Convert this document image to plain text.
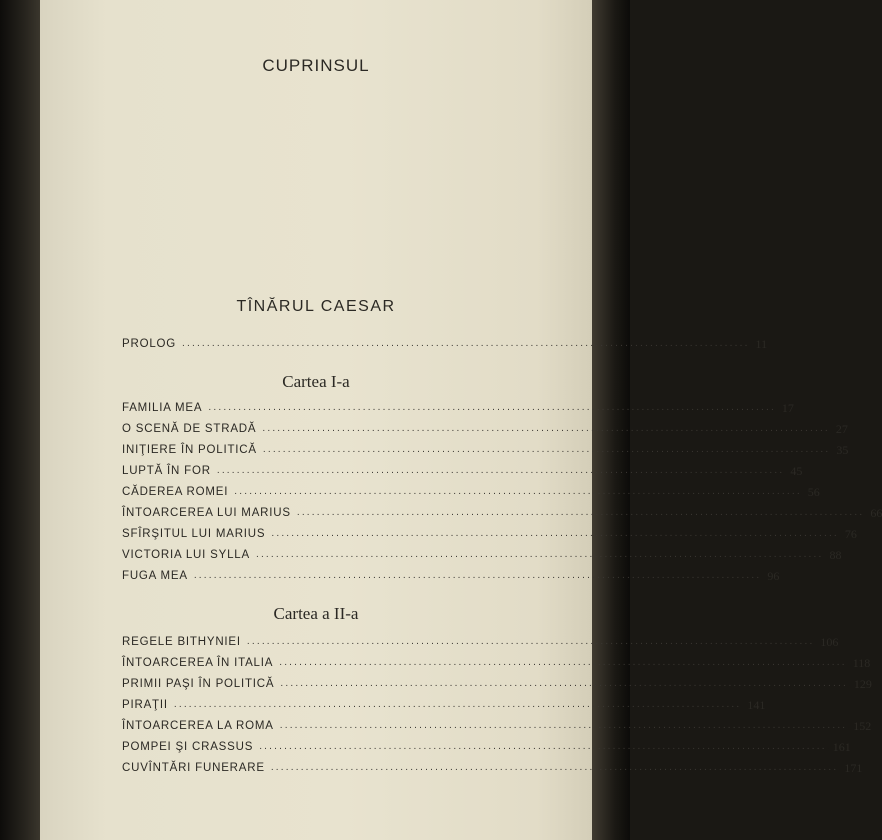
CUPRINSUL
TÎNĂRUL CAESAR
PROLOG .................................................................................................................. 11
Cartea I-a
FAMILIA MEA .................................................................................................................. 17
O SCENĂ DE STRADĂ .................................................................................................................. 27
INIŢIERE ÎN POLITICĂ .................................................................................................................. 35
LUPTĂ ÎN FOR .................................................................................................................. 45
CĂDEREA ROMEI .................................................................................................................. 56
ÎNTOARCEREA LUI MARIUS .................................................................................................................. 66
SFÎRŞITUL LUI MARIUS .................................................................................................................. 76
VICTORIA LUI SYLLA .................................................................................................................. 88
FUGA MEA .................................................................................................................. 96
Cartea a II-a
REGELE BITHYNIEI .................................................................................................................. 106
ÎNTOARCEREA ÎN ITALIA .................................................................................................................. 118
PRIMII PAŞI ÎN POLITICĂ .................................................................................................................. 129
PIRAŢII .................................................................................................................. 141
ÎNTOARCEREA LA ROMA .................................................................................................................. 152
POMPEI ŞI CRASSUS .................................................................................................................. 161
CUVÎNTĂRI FUNERARE .................................................................................................................. 171
